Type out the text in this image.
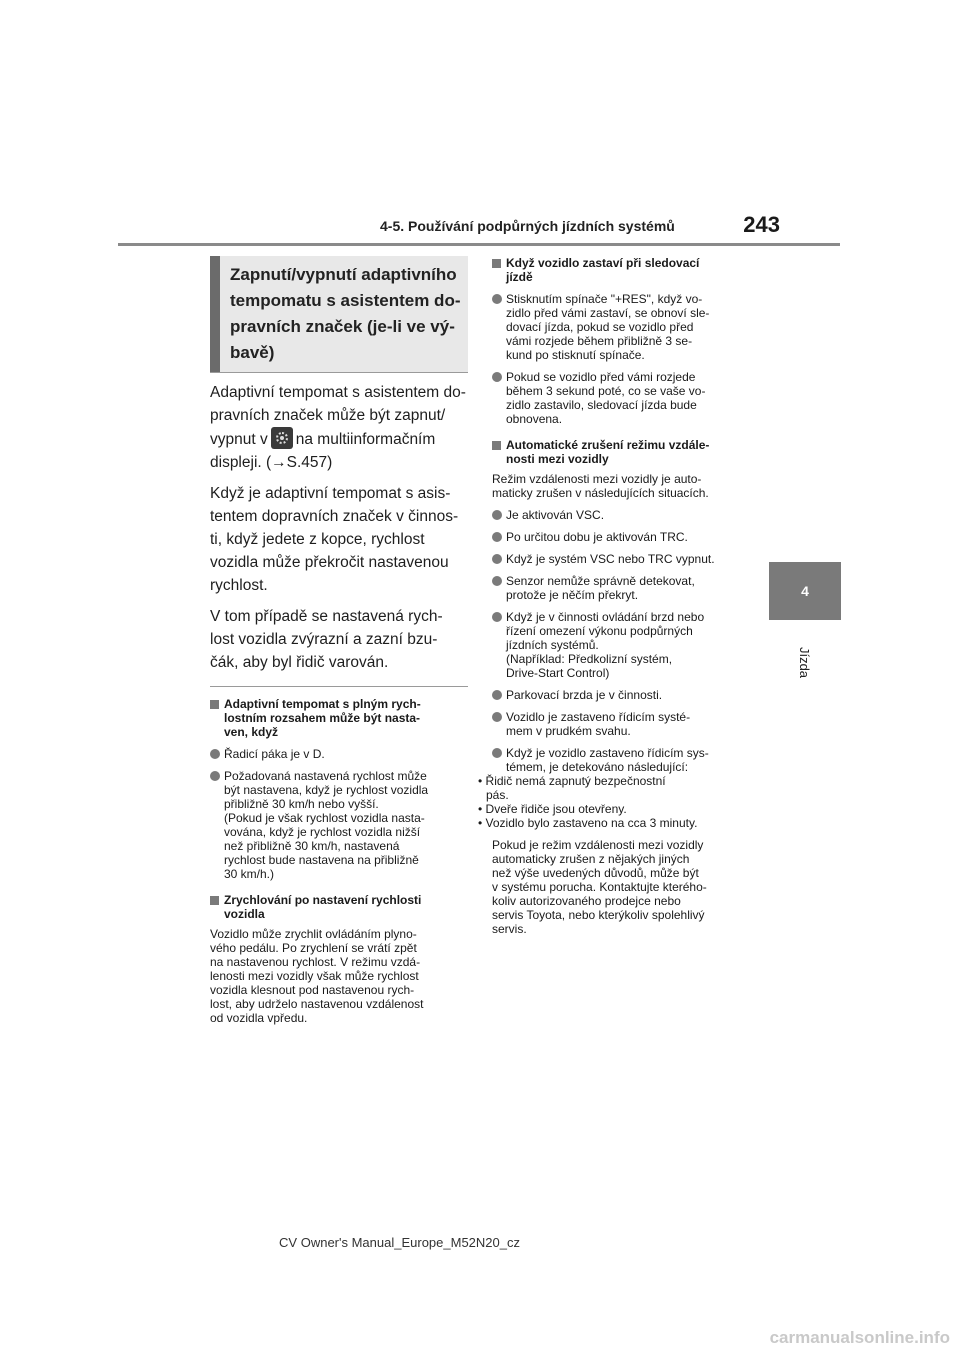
243
4-5. Používání podpůrných jízdních systémů
4
Jízda
Zapnutí/vypnutí adaptivního
tempomatu s asistentem do-
pravních značek (je-li ve vý-
bavě)
Adaptivní tempomat s asistentem do-
pravních značek může být zapnut/
vypnut v na multiinformačním
displeji. (→S.457)
Když je adaptivní tempomat s asis-
tentem dopravních značek v činnos-
ti, když jedete z kopce, rychlost
vozidla může překročit nastavenou
rychlost.
V tom případě se nastavená rych-
lost vozidla zvýrazní a zazní bzu-
čák, aby byl řidič varován.
Adaptivní tempomat s plným rych-
lostním rozsahem může být nasta-
ven, když
Řadicí páka je v D.
Požadovaná nastavená rychlost může
být nastavena, když je rychlost vozidla
přibližně 30 km/h nebo vyšší.
(Pokud je však rychlost vozidla nasta-
vována, když je rychlost vozidla nižší
než přibližně 30 km/h, nastavená
rychlost bude nastavena na přibližně
30 km/h.)
Zrychlování po nastavení rychlosti
vozidla
Vozidlo může zrychlit ovládáním plyno-
vého pedálu. Po zrychlení se vrátí zpět
na nastavenou rychlost. V režimu vzdá-
lenosti mezi vozidly však může rychlost
vozidla klesnout pod nastavenou rych-
lost, aby udrželo nastavenou vzdálenost
od vozidla vpředu.
Když vozidlo zastaví při sledovací
jízdě
Stisknutím spínače "+RES", když vo-
zidlo před vámi zastaví, se obnoví sle-
dovací jízda, pokud se vozidlo před
vámi rozjede během přibližně 3 se-
kund po stisknutí spínače.
Pokud se vozidlo před vámi rozjede
během 3 sekund poté, co se vaše vo-
zidlo zastavilo, sledovací jízda bude
obnovena.
Automatické zrušení režimu vzdále-
nosti mezi vozidly
Režim vzdálenosti mezi vozidly je auto-
maticky zrušen v následujících situacích.
Je aktivován VSC.
Po určitou dobu je aktivován TRC.
Když je systém VSC nebo TRC vypnut.
Senzor nemůže správně detekovat,
protože je něčím překryt.
Když je v činnosti ovládání brzd nebo
řízení omezení výkonu podpůrných
jízdních systémů.
(Například: Předkolizní systém,
Drive-Start Control)
Parkovací brzda je v činnosti.
Vozidlo je zastaveno řídicím systé-
mem v prudkém svahu.
Když je vozidlo zastaveno řídicím sys-
témem, je detekováno následující:
• Řidič nemá zapnutý bezpečnostní
pás.
• Dveře řidiče jsou otevřeny.
• Vozidlo bylo zastaveno na cca 3 minuty.
Pokud je režim vzdálenosti mezi vozidly
automaticky zrušen z nějakých jiných
než výše uvedených důvodů, může být
v systému porucha. Kontaktujte kterého-
koliv autorizovaného prodejce nebo
servis Toyota, nebo kterýkoliv spolehlivý
servis.
CV Owner's Manual_Europe_M52N20_cz
carmanualsonline.info
